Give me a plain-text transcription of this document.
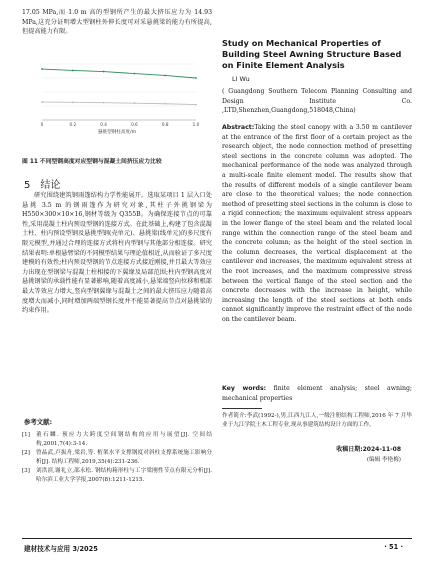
17.05 MPa,而 1.0 m 高的型钢所产生的最大挤压应力为 14.93 MPa,这充分证明增大型钢柱外伸长度可对采悬挑梁的能力有所提高,但提高能力有限。

0	0.2	0.4	0.6	0.8	1.0
悬挑型钢柱高度/m
图 11 不同型钢高度对应型钢与混凝土间挤压应力比较
5 结论

研究围绕建筑钢雨篷结构力学性能展开。选取某项目 1 层入口处悬挑 3.5 m 的钢雨篷作为研究对象,其柱子外挑钢梁为 H550×300×10×16,钢材等级为 Q355B。为确保连接节点的可靠性,采用混凝土柱内预设型钢的连接方式。在此基础上,构建了包含混凝土柱、柱内预设型钢及悬挑型钢(壳单元)、悬挑梁(线单元)的多尺度有限元模型,并通过合理的连接方式将柱内型钢与其他部分相连接。研究结果表明:单根悬臂梁的不同模型结果与理论值相近,从而验证了多尺度建模的有效性;柱内预设型钢的节点连接方式接近刚接,并且最大等效应力出现在型钢梁与混凝土柱相接的下翼缘及局部范围;柱内型钢高度对悬挑钢梁的承载性能有显著影响,随着高度减小,悬梁端竖向位移和根部最大等效应力增大,竖向型钢翼缘与混凝土之间的最大挤压应力随着高度增大而减小,同时增加两端型钢长度并不能显著提高节点对悬挑梁的约束作用。

参考文献:
[1]	董石麟. 预应力大跨度空间钢结构的应用与展望[J]. 空间结构,2001,7(4):3-14.
[2]	曾晶武,卢振舟,梁岩,等. 桁架水平支撑钢度对斜柱支撑系统施工影响分析[J]. 结构工程师,2019,35(4):231-236.
[3]	刘洪滨,谢礼立,邵永松. 钢结构箱形柱与工字梁刚性节点有限元分析[J]. 哈尔滨工业大学学报,2007(8):1211-1215.
Study on Mechanical Properties of Building Steel Awning Structure Based on Finite Element Analysis
LI Wu
( Guangdong Southern Telecom Planning Consulting and Design Institute Co. ,LTD,Shenzhen,Guangdong,518048,China)
Abstract:Taking the steel canopy with a 3.50 m cantilever at the entrance of the first floor of a certain project as the research object, the node connection method of presetting steel sections in the concrete column was adopted. The mechanical performance of the node was analyzed through a multi-scale finite element model. The results show that the results of different models of a single cantilever beam are close to the theoretical values; the node connection method of presetting steel sections in the column is close to a rigid connection; the maximum equivalent stress appears in the lower flange of the steel beam and the related local range within the connection range of the steel beam and the concrete column; as the height of the steel section in the column decreases, the vertical displacement at the cantilever end increases, the maximum equivalent stress at the root increases, and the maximum compressive stress between the vertical flange of the steel section and the concrete decreases with the increase in height, while increasing the length of the steel sections at both ends cannot significantly improve the restraint effect of the node on the cantilever beam.
Key words: finite element analysis; steel awning; mechanical properties
作者简介:李武(1992-),男,江西九江人,一级注册结构工程师,2016 年 7 月毕业于九江学院土木工程专业,现从事建筑结构设计方面的工作。
收稿日期:2024-11-08
(编辑 李艳梅)
建材技术与应用 3/2025	· 51 ·
